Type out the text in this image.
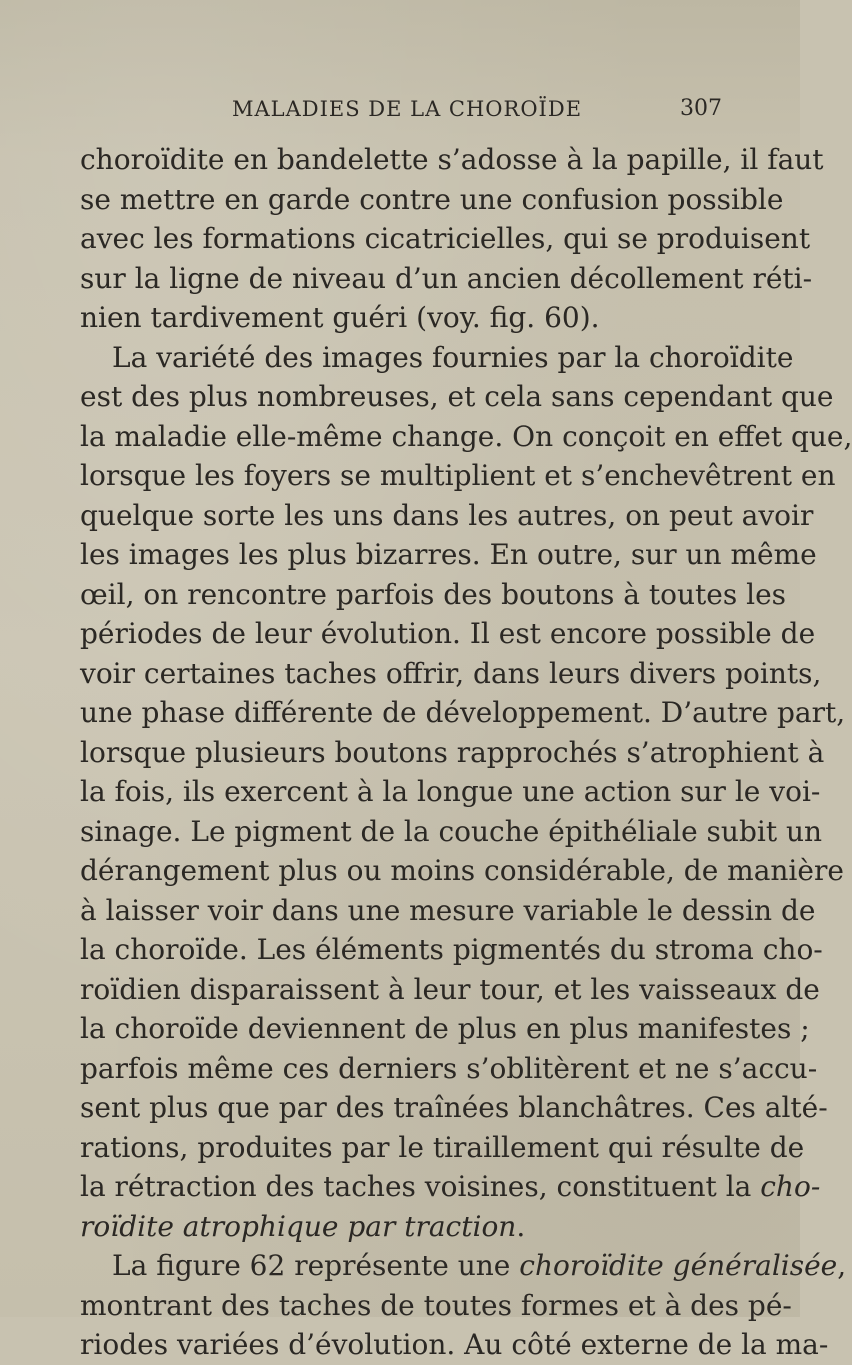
MALADIES DE LA CHOROÏDE	307
choroïdite en bandelette s’adosse à la papille, il faut
se mettre en garde contre une confusion possible
avec les formations cicatricielles, qui se produisent
sur la ligne de niveau d’un ancien décollement réti-
nien tardivement guéri (voy. fig. 60).
La variété des images fournies par la choroïdite
est des plus nombreuses, et cela sans cependant que
la maladie elle-même change. On conçoit en effet que,
lorsque les foyers se multiplient et s’enchevêtrent en
quelque sorte les uns dans les autres, on peut avoir
les images les plus bizarres. En outre, sur un même
œil, on rencontre parfois des boutons à toutes les
périodes de leur évolution. Il est encore possible de
voir certaines taches offrir, dans leurs divers points,
une phase différente de développement. D’autre part,
lorsque plusieurs boutons rapprochés s’atrophient à
la fois, ils exercent à la longue une action sur le voi-
sinage. Le pigment de la couche épithéliale subit un
dérangement plus ou moins considérable, de manière
à laisser voir dans une mesure variable le dessin de
la choroïde. Les éléments pigmentés du stroma cho-
roïdien disparaissent à leur tour, et les vaisseaux de
la choroïde deviennent de plus en plus manifestes ;
parfois même ces derniers s’oblitèrent et ne s’accu-
sent plus que par des traînées blanchâtres. Ces alté-
rations, produites par le tiraillement qui résulte de
la rétraction des taches voisines, constituent la cho-
roïdite atrophique par traction.
La figure 62 représente une choroïdite généralisée,
montrant des taches de toutes formes et à des pé-
riodes variées d’évolution. Au côté externe de la ma-
